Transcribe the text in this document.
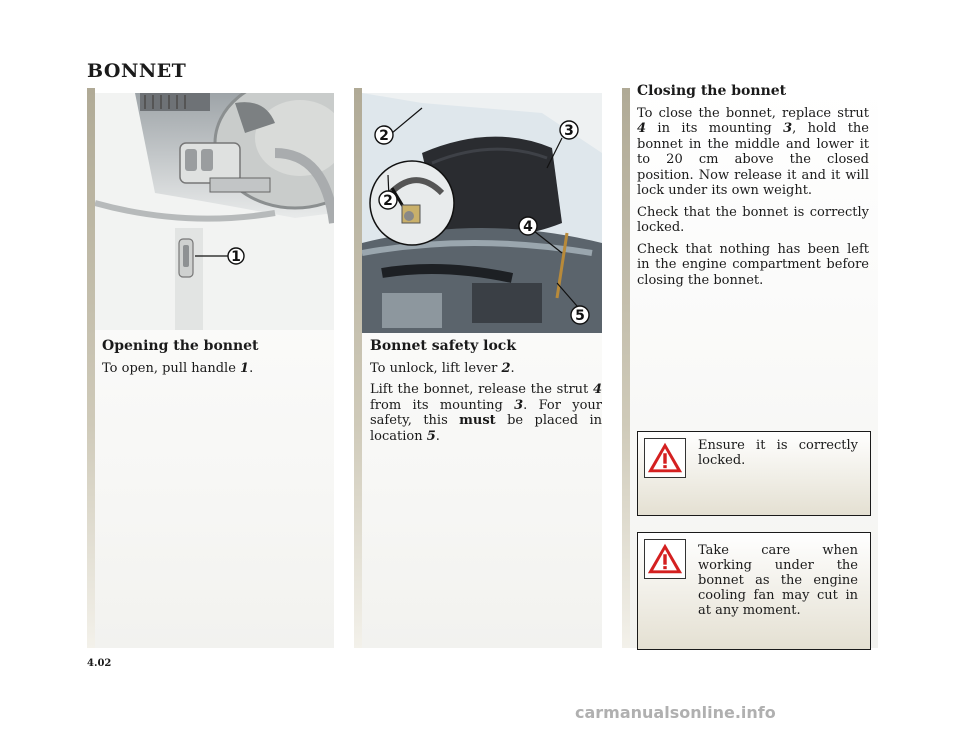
BONNET
1
Opening the bonnet

To open, pull handle 1.

2
2
3
4
5
Bonnet safety lock

To unlock, lift lever 2.

Lift the bonnet, release the strut 4 from its mounting 3. For your safety, this must be placed in location 5.

Closing the bonnet

To close the bonnet, replace strut 4 in its mounting 3, hold the bonnet in the middle and lower it to 20 cm above the closed position. Now release it and it will lock under its own weight.

Check that the bonnet is correctly locked.

Check that nothing has been left in the engine compartment before closing the bonnet.

Ensure it is correctly locked.
Take care when working under the bonnet as the engine cooling fan may cut in at any moment.
4.02
carmanualsonline.info
